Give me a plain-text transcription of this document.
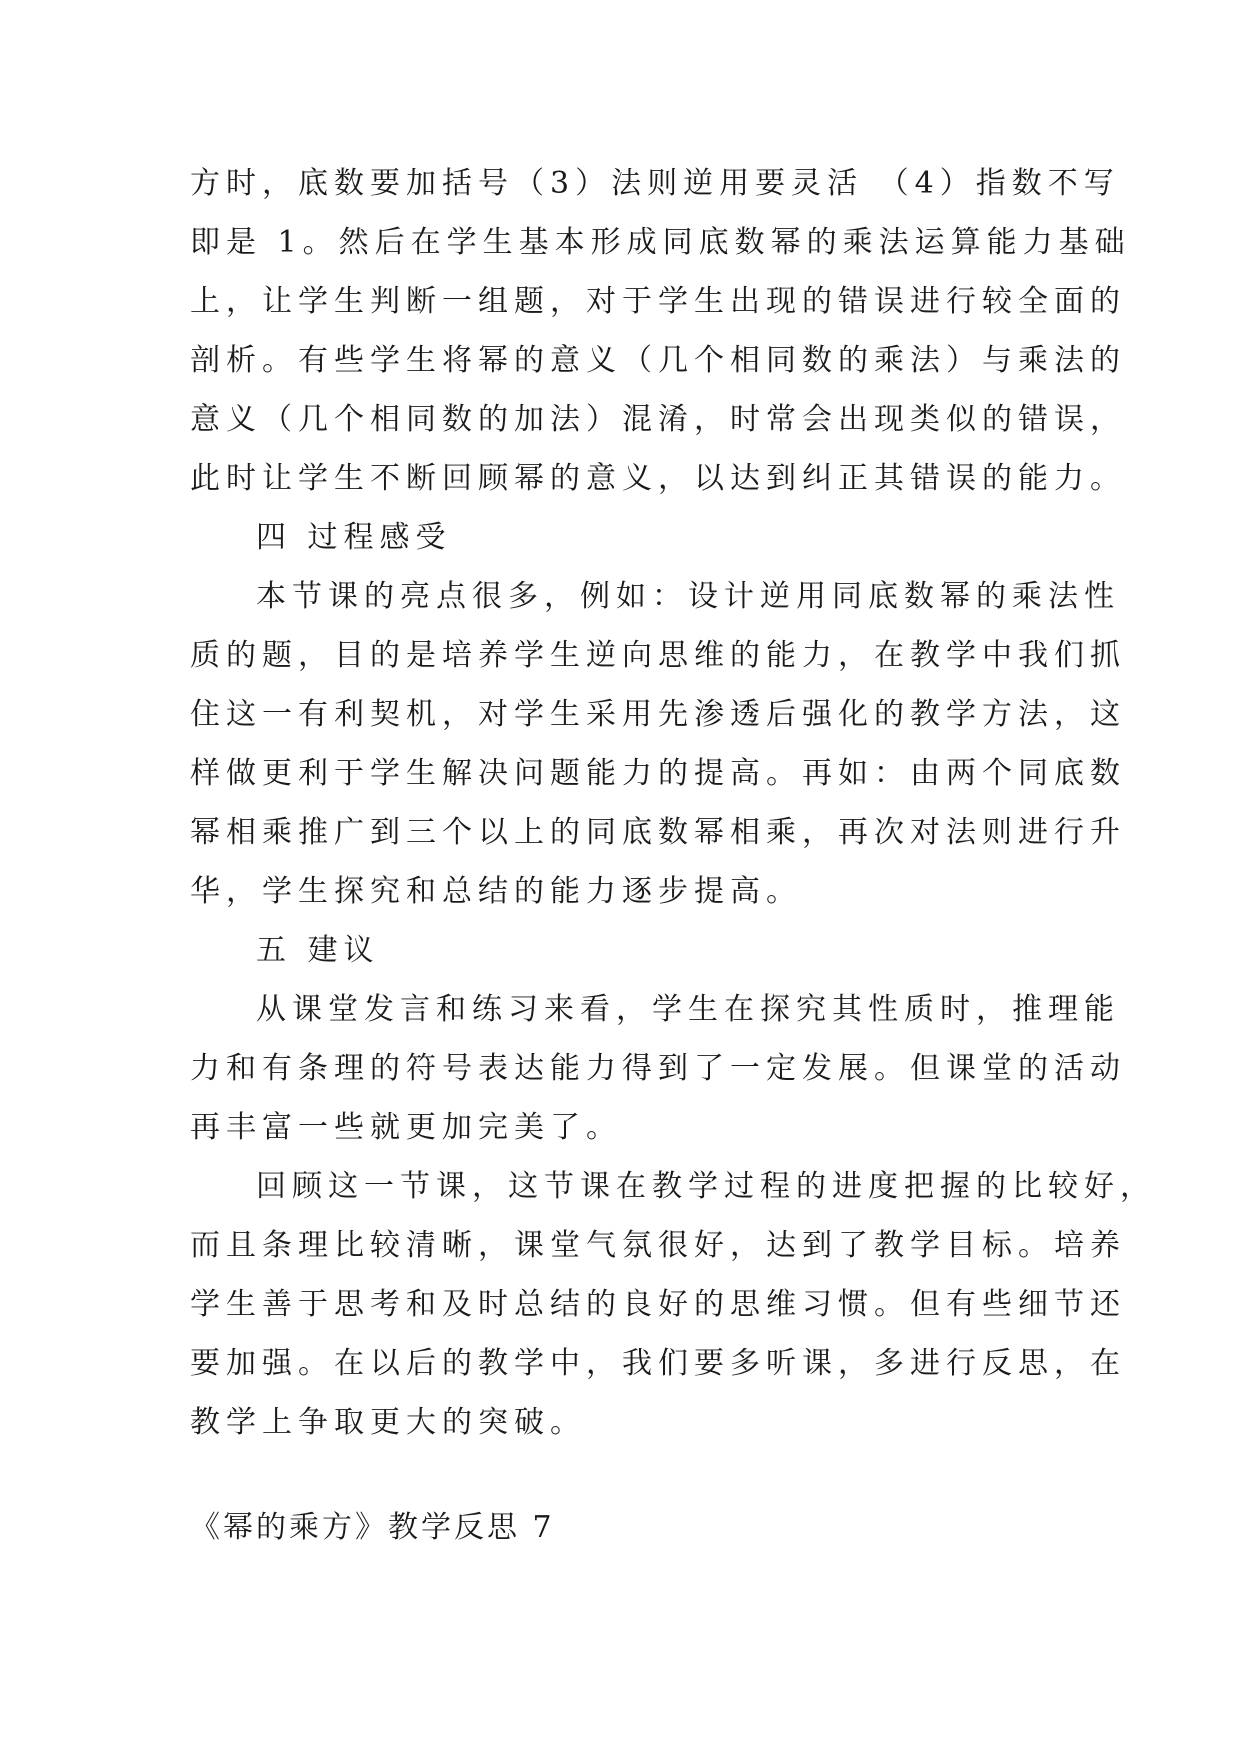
方时，底数要加括号（3）法则逆用要灵活 （4）指数不写
即是 1。然后在学生基本形成同底数幂的乘法运算能力基础
上，让学生判断一组题，对于学生出现的错误进行较全面的
剖析。有些学生将幂的意义（几个相同数的乘法）与乘法的
意义（几个相同数的加法）混淆，时常会出现类似的错误，
此时让学生不断回顾幂的意义，以达到纠正其错误的能力。
四 过程感受
本节课的亮点很多，例如：设计逆用同底数幂的乘法性
质的题，目的是培养学生逆向思维的能力，在教学中我们抓
住这一有利契机，对学生采用先渗透后强化的教学方法，这
样做更利于学生解决问题能力的提高。再如：由两个同底数
幂相乘推广到三个以上的同底数幂相乘，再次对法则进行升
华，学生探究和总结的能力逐步提高。
五 建议
从课堂发言和练习来看，学生在探究其性质时，推理能
力和有条理的符号表达能力得到了一定发展。但课堂的活动
再丰富一些就更加完美了。
回顾这一节课，这节课在教学过程的进度把握的比较好，
而且条理比较清晰，课堂气氛很好，达到了教学目标。培养
学生善于思考和及时总结的良好的思维习惯。但有些细节还
要加强。在以后的教学中，我们要多听课，多进行反思，在
教学上争取更大的突破。
《幂的乘方》教学反思 7
